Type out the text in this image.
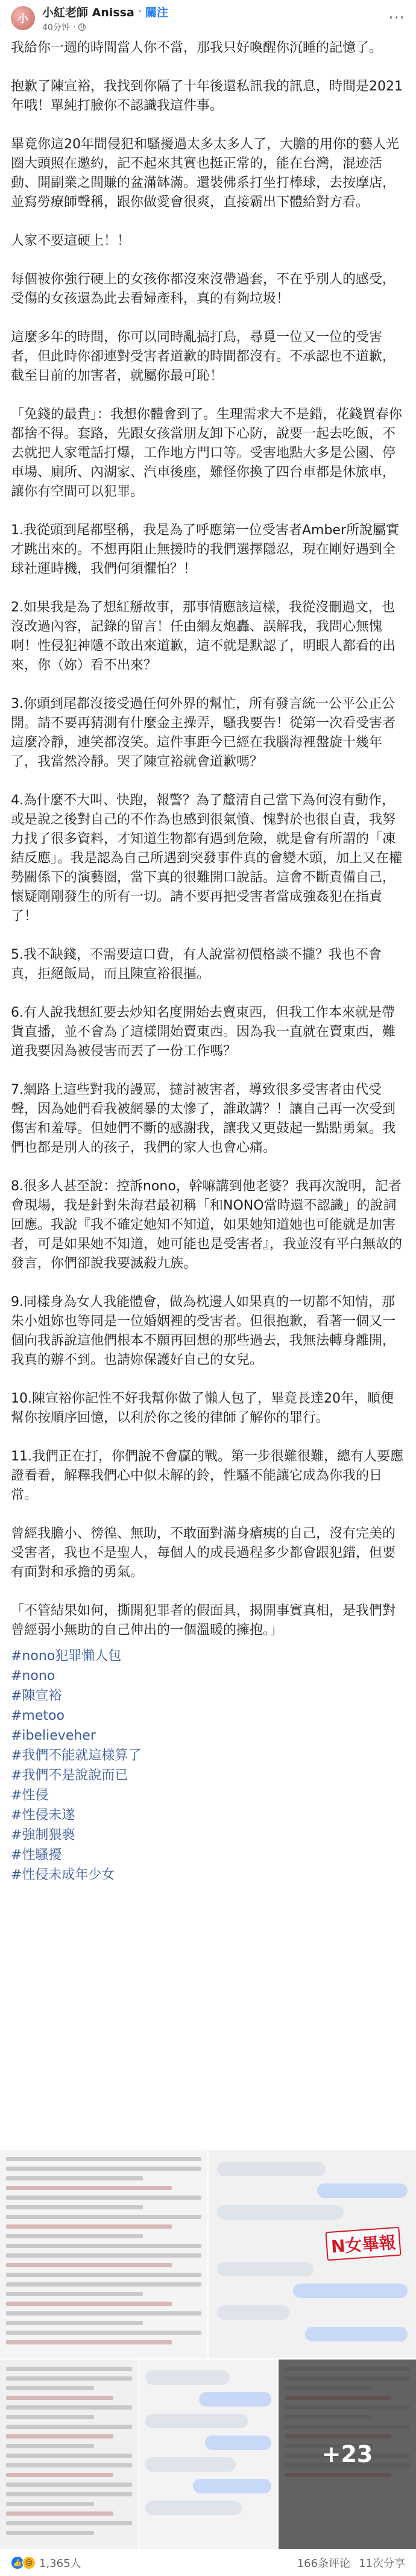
小	小紅老師 Anissa · 關注
40分钟 ·	···

我給你一週的時間當人你不當，那我只好喚醒你沉睡的記憶了。

抱歉了陳宣裕，我找到你隔了十年後還私訊我的訊息，時間是2021年哦！單純打臉你不認識我這件事。

畢竟你這20年間侵犯和騷擾過太多太多人了，大膽的用你的藝人光圈大頭照在邀約，記不起來其實也挺正常的，能在台灣，混迹活動、開副業之間賺的盆滿缽滿。還裝佛系打坐打棒球，去按摩店，並寫勞療師聲稱，跟你做愛會很爽，直接霸出下體給對方看。

人家不要這硬上！！

每個被你強行硬上的女孩你都沒來沒帶過套，不在乎別人的感受，受傷的女孩還為此去看婦產科，真的有夠垃圾！

這麼多年的時間，你可以同時亂搞打鳥，尋覓一位又一位的受害者，但此時你卻連對受害者道歉的時間都沒有。不承認也不道歉，截至目前的加害者，就屬你最可恥！

「免錢的最貴」：我想你體會到了。生理需求大不是錯，花錢買春你都捨不得。套路，先跟女孩當朋友卸下心防，說要一起去吃飯，不去就把人家電話打爆，工作地方門口等。受害地點大多是公園、停車場、廁所、內湖家、汽車後座，難怪你換了四台車都是休旅車，讓你有空間可以犯罪。

1.我從頭到尾都堅稱，我是為了呼應第一位受害者Amber所說屬實才跳出來的。不想再阻止無援時的我們選擇隱忍，現在剛好遇到全球社運時機，我們何須懼怕？！

2.如果我是為了想紅掰故事，那事情應該這樣，我從沒刪過文，也沒改過內容，記錄的留言！任由網友炮轟、誤解我，我問心無愧啊！性侵犯神隱不敢出來道歉，這不就是默認了，明眼人都看的出來，你（妳）看不出來？

3.你頭到尾都沒接受過任何外界的幫忙，所有發言統一公平公正公開。請不要再猜測有什麼金主操弄，騷我要告！從第一次看受害者這麼冷靜，連笑都沒笑。這件事距今已經在我腦海裡盤旋十幾年了，我當然冷靜。哭了陳宣裕就會道歉嗎？

4.為什麼不大叫、快跑，報警？為了釐清自己當下為何沒有動作，或是說之後對自己的不作為也感到很氣憤、愧對於也很自責，我努力找了很多資料，才知道生物都有遇到危險，就是會有所謂的「凍結反應」。我是認為自己所遇到突發事件真的會變木頭，加上又在權勢關係下的演藝圈，當下真的很難開口說話。這會不斷責備自己，懷疑剛剛發生的所有一切。請不要再把受害者當成強姦犯在指責了！

5.我不缺錢，不需要這口費，有人說當初價格談不攏？我也不會真，拒絕飯局，而且陳宣裕很摳。

6.有人說我想紅要去炒知名度開始去賣東西，但我工作本來就是帶貨直播，並不會為了這樣開始賣東西。因為我一直就在賣東西，難道我要因為被侵害而丟了一份工作嗎？

7.網路上這些對我的謾罵，撻討被害者，導致很多受害者由代受聲，因為她們看我被網暴的太慘了，誰敢講？！讓自己再一次受到傷害和羞辱。但她們不斷的感謝我，讓我又更鼓起一點點勇氣。我們也都是別人的孩子，我們的家人也會心痛。

8.很多人甚至說：控訴nono，幹嘛講到他老婆？我再次說明，記者會現場，我是針對朱海君最初稱「和NONO當時還不認識」的說詞回應。我說『我不確定她知不知道，如果她知道她也可能就是加害者，可是如果她不知道，她可能也是受害者』，我並沒有平白無故的發言，你們卻說我要滅殺九族。

9.同樣身為女人我能體會，做為枕邊人如果真的一切都不知情，那朱小姐妳也等同是一位婚姻裡的受害者。但很抱歉，看著一個又一個向我訴說這他們根本不願再回想的那些過去，我無法轉身離開，我真的辦不到。也請妳保護好自己的女兒。

10.陳宣裕你記性不好我幫你做了懶人包了，畢竟長達20年，順便幫你按順序回憶，以利於你之後的律師了解你的罪行。

11.我們正在打，你們說不會贏的戰。第一步很難很難，總有人要應證看看，解釋我們心中似未解的鈴，性騷不能讓它成為你我的日常。

曾經我膽小、徬徨、無助，不敢面對滿身瘡痍的自己，沒有完美的受害者，我也不是聖人，每個人的成長過程多少都會跟犯錯，但要有面對和承擔的勇氣。

「不管結果如何，撕開犯罪者的假面具，揭開事實真相，是我們對曾經弱小無助的自己伸出的一個溫暖的擁抱。」

#nono犯罪懶人包
#nono
#陳宣裕
#metoo
#ibelieveher
#我們不能就這樣算了
#我們不是說說而已
#性侵
#性侵未遂
#強制猥褻
#性騷擾
#性侵未成年少女
N女畢報
+23
👍 😢 1,365人	166条评论 11次分享
